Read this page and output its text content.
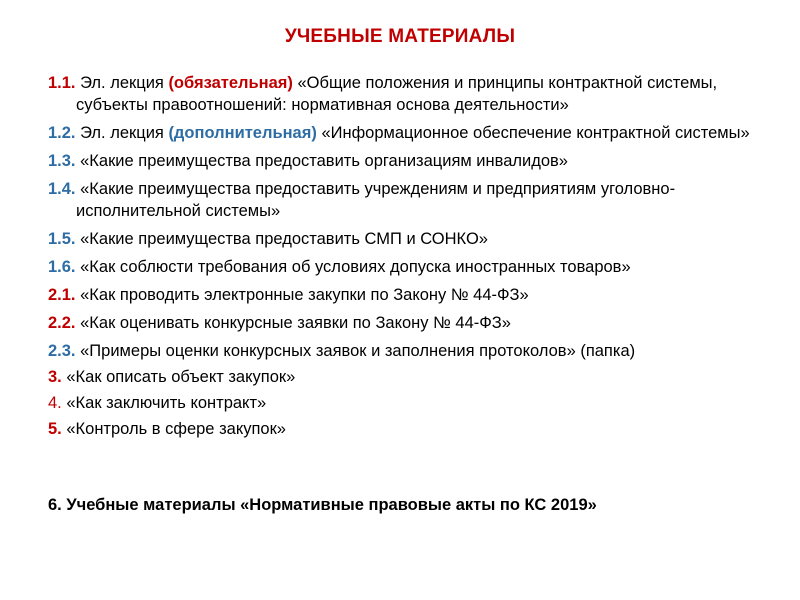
УЧЕБНЫЕ МАТЕРИАЛЫ
1.1. Эл. лекция (обязательная) «Общие положения и принципы контрактной системы, субъекты правоотношений: нормативная основа деятельности»
1.2. Эл. лекция (дополнительная) «Информационное обеспечение контрактной системы»
1.3. «Какие преимущества предоставить организациям инвалидов»
1.4. «Какие преимущества предоставить учреждениям и предприятиям уголовно-исполнительной системы»
1.5. «Какие преимущества предоставить СМП и СОНКО»
1.6. «Как соблюсти требования об условиях допуска иностранных товаров»
2.1. «Как проводить электронные закупки по Закону № 44-ФЗ»
2.2. «Как оценивать конкурсные заявки по Закону № 44-ФЗ»
2.3. «Примеры оценки конкурсных заявок и заполнения протоколов» (папка)
3. «Как описать объект закупок»
4. «Как заключить контракт»
5. «Контроль в сфере закупок»
6. Учебные материалы «Нормативные правовые акты по КС 2019»
